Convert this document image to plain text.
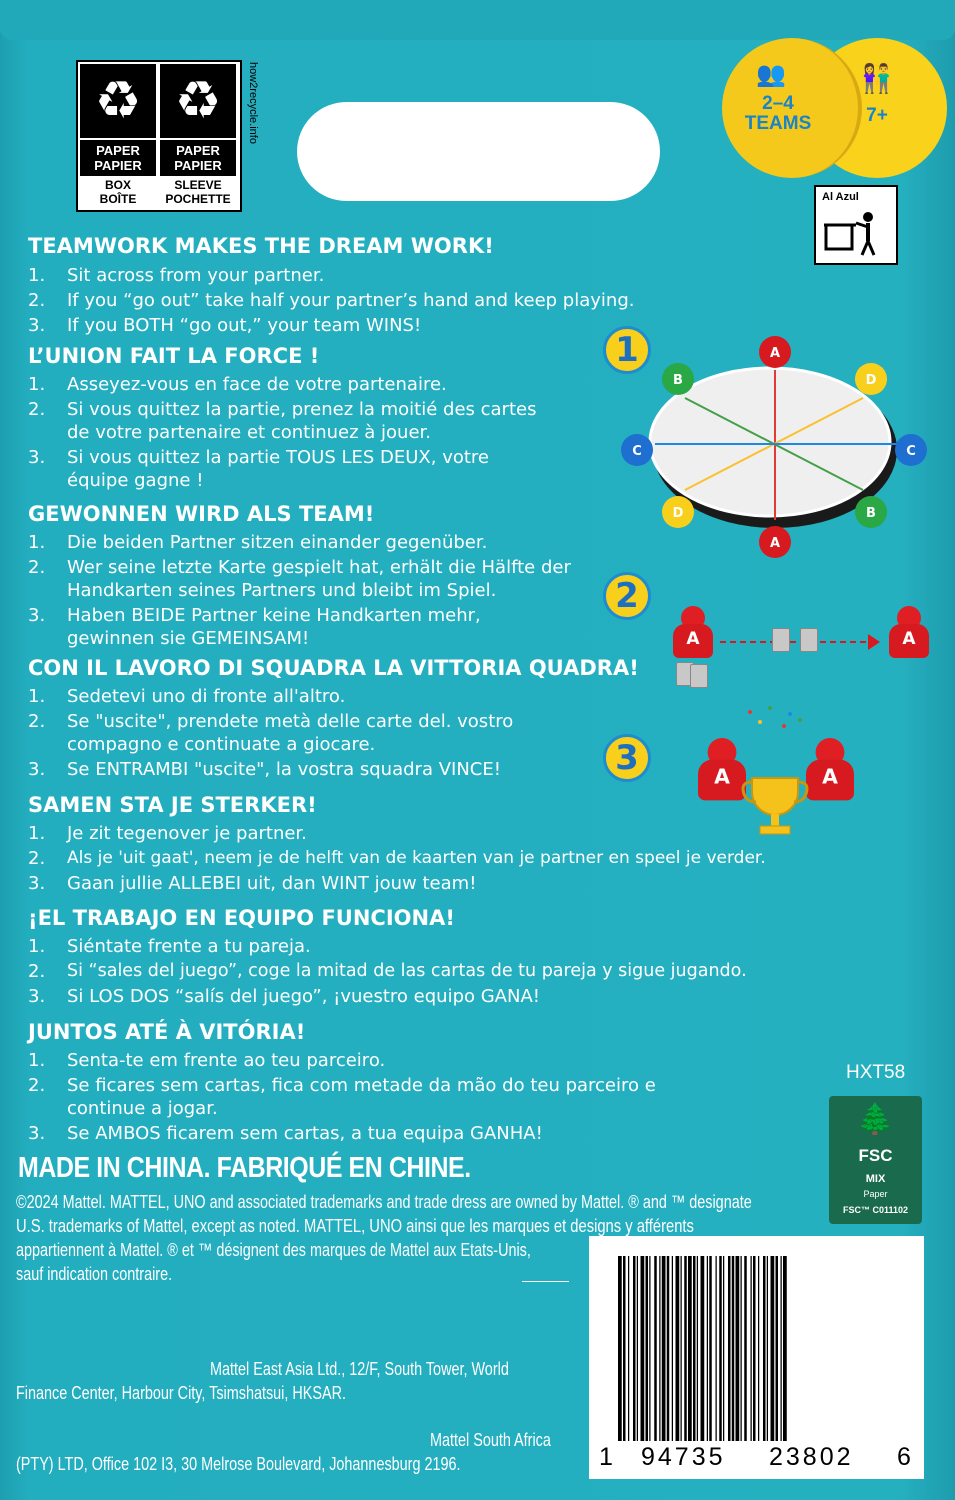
♻
PAPER
PAPIER
BOX
BOÎTE
♻
PAPER
PAPIER
SLEEVE
POCHETTE
how2recycle.info	👫
7+
👥
2–4
TEAMS
Al Azul
TEAMWORK MAKES THE DREAM WORK!
1.	Sit across from your partner.
2.	If you “go out” take half your partner’s hand and keep playing.
3.	If you BOTH “go out,” your team WINS!
L’UNION FAIT LA FORCE !
1.	Asseyez-vous en face de votre partenaire.
2.	Si vous quittez la partie, prenez la moitié des cartes de votre partenaire et continuez à jouer.
3.	Si vous quittez la partie TOUS LES DEUX, votre équipe gagne !
GEWONNEN WIRD ALS TEAM!
1.	Die beiden Partner sitzen einander gegenüber.
2.	Wer seine letzte Karte gespielt hat, erhält die Hälfte der Handkarten seines Partners und bleibt im Spiel.
3.	Haben BEIDE Partner keine Handkarten mehr, gewinnen sie GEMEINSAM!
CON IL LAVORO DI SQUADRA LA VITTORIA QUADRA!
1.	Sedetevi uno di fronte all'altro.
2.	Se "uscite", prendete metà delle carte del. vostro compagno e continuate a giocare.
3.	Se ENTRAMBI "uscite", la vostra squadra VINCE!
SAMEN STA JE STERKER!
1.	Je zit tegenover je partner.
2.	Als je 'uit gaat', neem je de helft van de kaarten van je partner en speel je verder.
3.	Gaan jullie ALLEBEI uit, dan WINT jouw team!
¡EL TRABAJO EN EQUIPO FUNCIONA!
1.	Siéntate frente a tu pareja.
2.	Si “sales del juego”, coge la mitad de las cartas de tu pareja y sigue jugando.
3.	Si LOS DOS “salís del juego”, ¡vuestro equipo GANA!
JUNTOS ATÉ À VITÓRIA!
1.	Senta-te em frente ao teu parceiro.
2.	Se ficares sem cartas, fica com metade da mão do teu parceiro e continue a jogar.
3.	Se AMBOS ficarem sem cartas, a tua equipa GANHA!
1	A
B	D
C	C
D	B
A
2
A	A
3	A	A
HXT58
🌲
FSC
MIX
Paper
FSC™ C011102
MADE IN CHINA. FABRIQUÉ EN CHINE.
©2024 Mattel. MATTEL, UNO and associated trademarks and trade dress are owned by Mattel. ® and ™ designate
U.S. trademarks of Mattel, except as noted. MATTEL, UNO ainsi que les marques et designs y afférents
appartiennent à Mattel. ® et ™ désignent des marques de Mattel aux Etats-Unis,
sauf indication contraire.
Mattel East Asia Ltd., 12/F, South Tower, World
Finance Center, Harbour City, Tsimshatsui, HKSAR.
Mattel South Africa
(PTY) LTD, Office 102 I3, 30 Melrose Boulevard, Johannesburg 2196.	1 94735 23802 6
